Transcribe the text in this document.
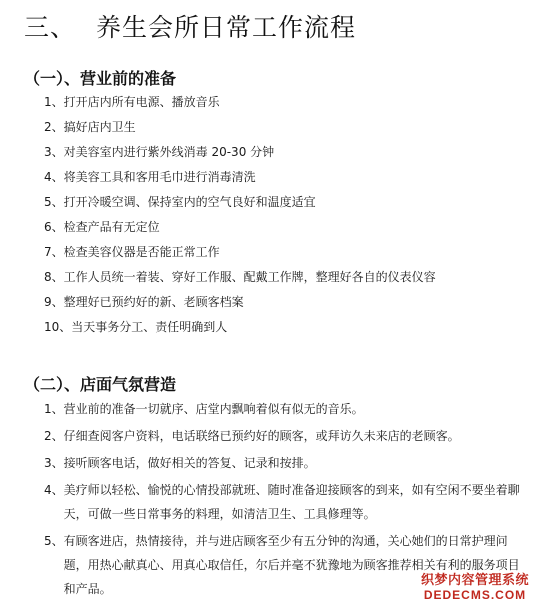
三、 养生会所日常工作流程
（一）、营业前的准备
1、打开店内所有电源、播放音乐
2、搞好店内卫生
3、对美容室内进行紫外线消毒 20-30 分钟
4、将美容工具和客用毛巾进行消毒清洗
5、打开冷暖空调、保持室内的空气良好和温度适宜
6、检查产品有无定位
7、检查美容仪器是否能正常工作
8、工作人员统一着装、穿好工作服、配戴工作牌，整理好各自的仪表仪容
9、整理好已预约好的新、老顾客档案
10、当天事务分工、责任明确到人
（二）、店面气氛营造
1、营业前的准备一切就序、店堂内飘响着似有似无的音乐。
2、仔细查阅客户资料，电话联络已预约好的顾客，或拜访久未来店的老顾客。
3、接听顾客电话，做好相关的答复、记录和按排。
4、美疗师以轻松、愉悦的心情投部就班、随时准备迎接顾客的到来，如有空闲不要坐着聊天，可做一些日常事务的料理，如清洁卫生、工具修理等。
5、有顾客进店，热情接待，并与进店顾客至少有五分钟的沟通，关心她们的日常护理问题，用热心献真心、用真心取信任，尔后并毫不犹豫地为顾客推荐相关有利的服务项目和产品。
织梦内容管理系统
DEDECMS.COM
